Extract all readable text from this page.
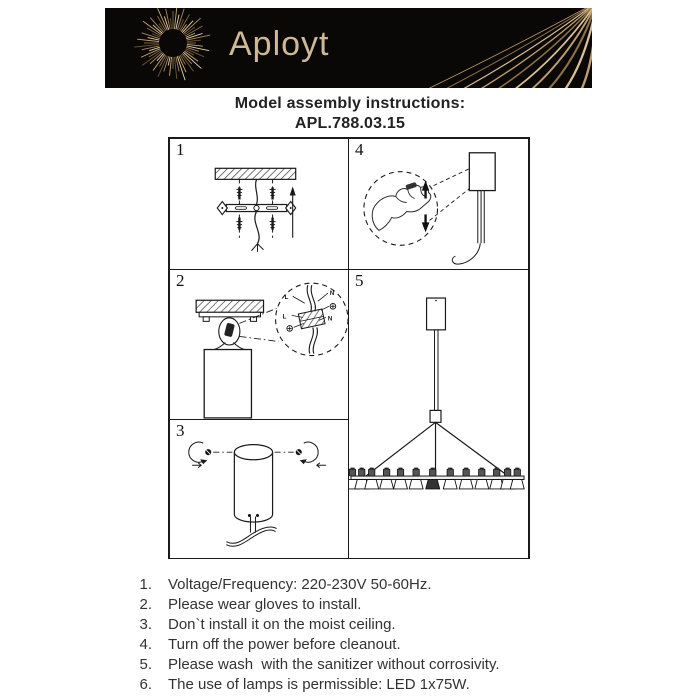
Aployt
Model assembly instructions:
APL.788.03.15
1	4
L
N
L	N
2
3
5
1. Voltage/Frequency: 220-230V 50-60Hz.
2. Please wear gloves to install.
3. Don`t install it on the moist ceiling.
4. Turn off the power before cleanout.
5. Please wash  with the sanitizer without corrosivity.
6. The use of lamps is permissible: LED 1x75W.
